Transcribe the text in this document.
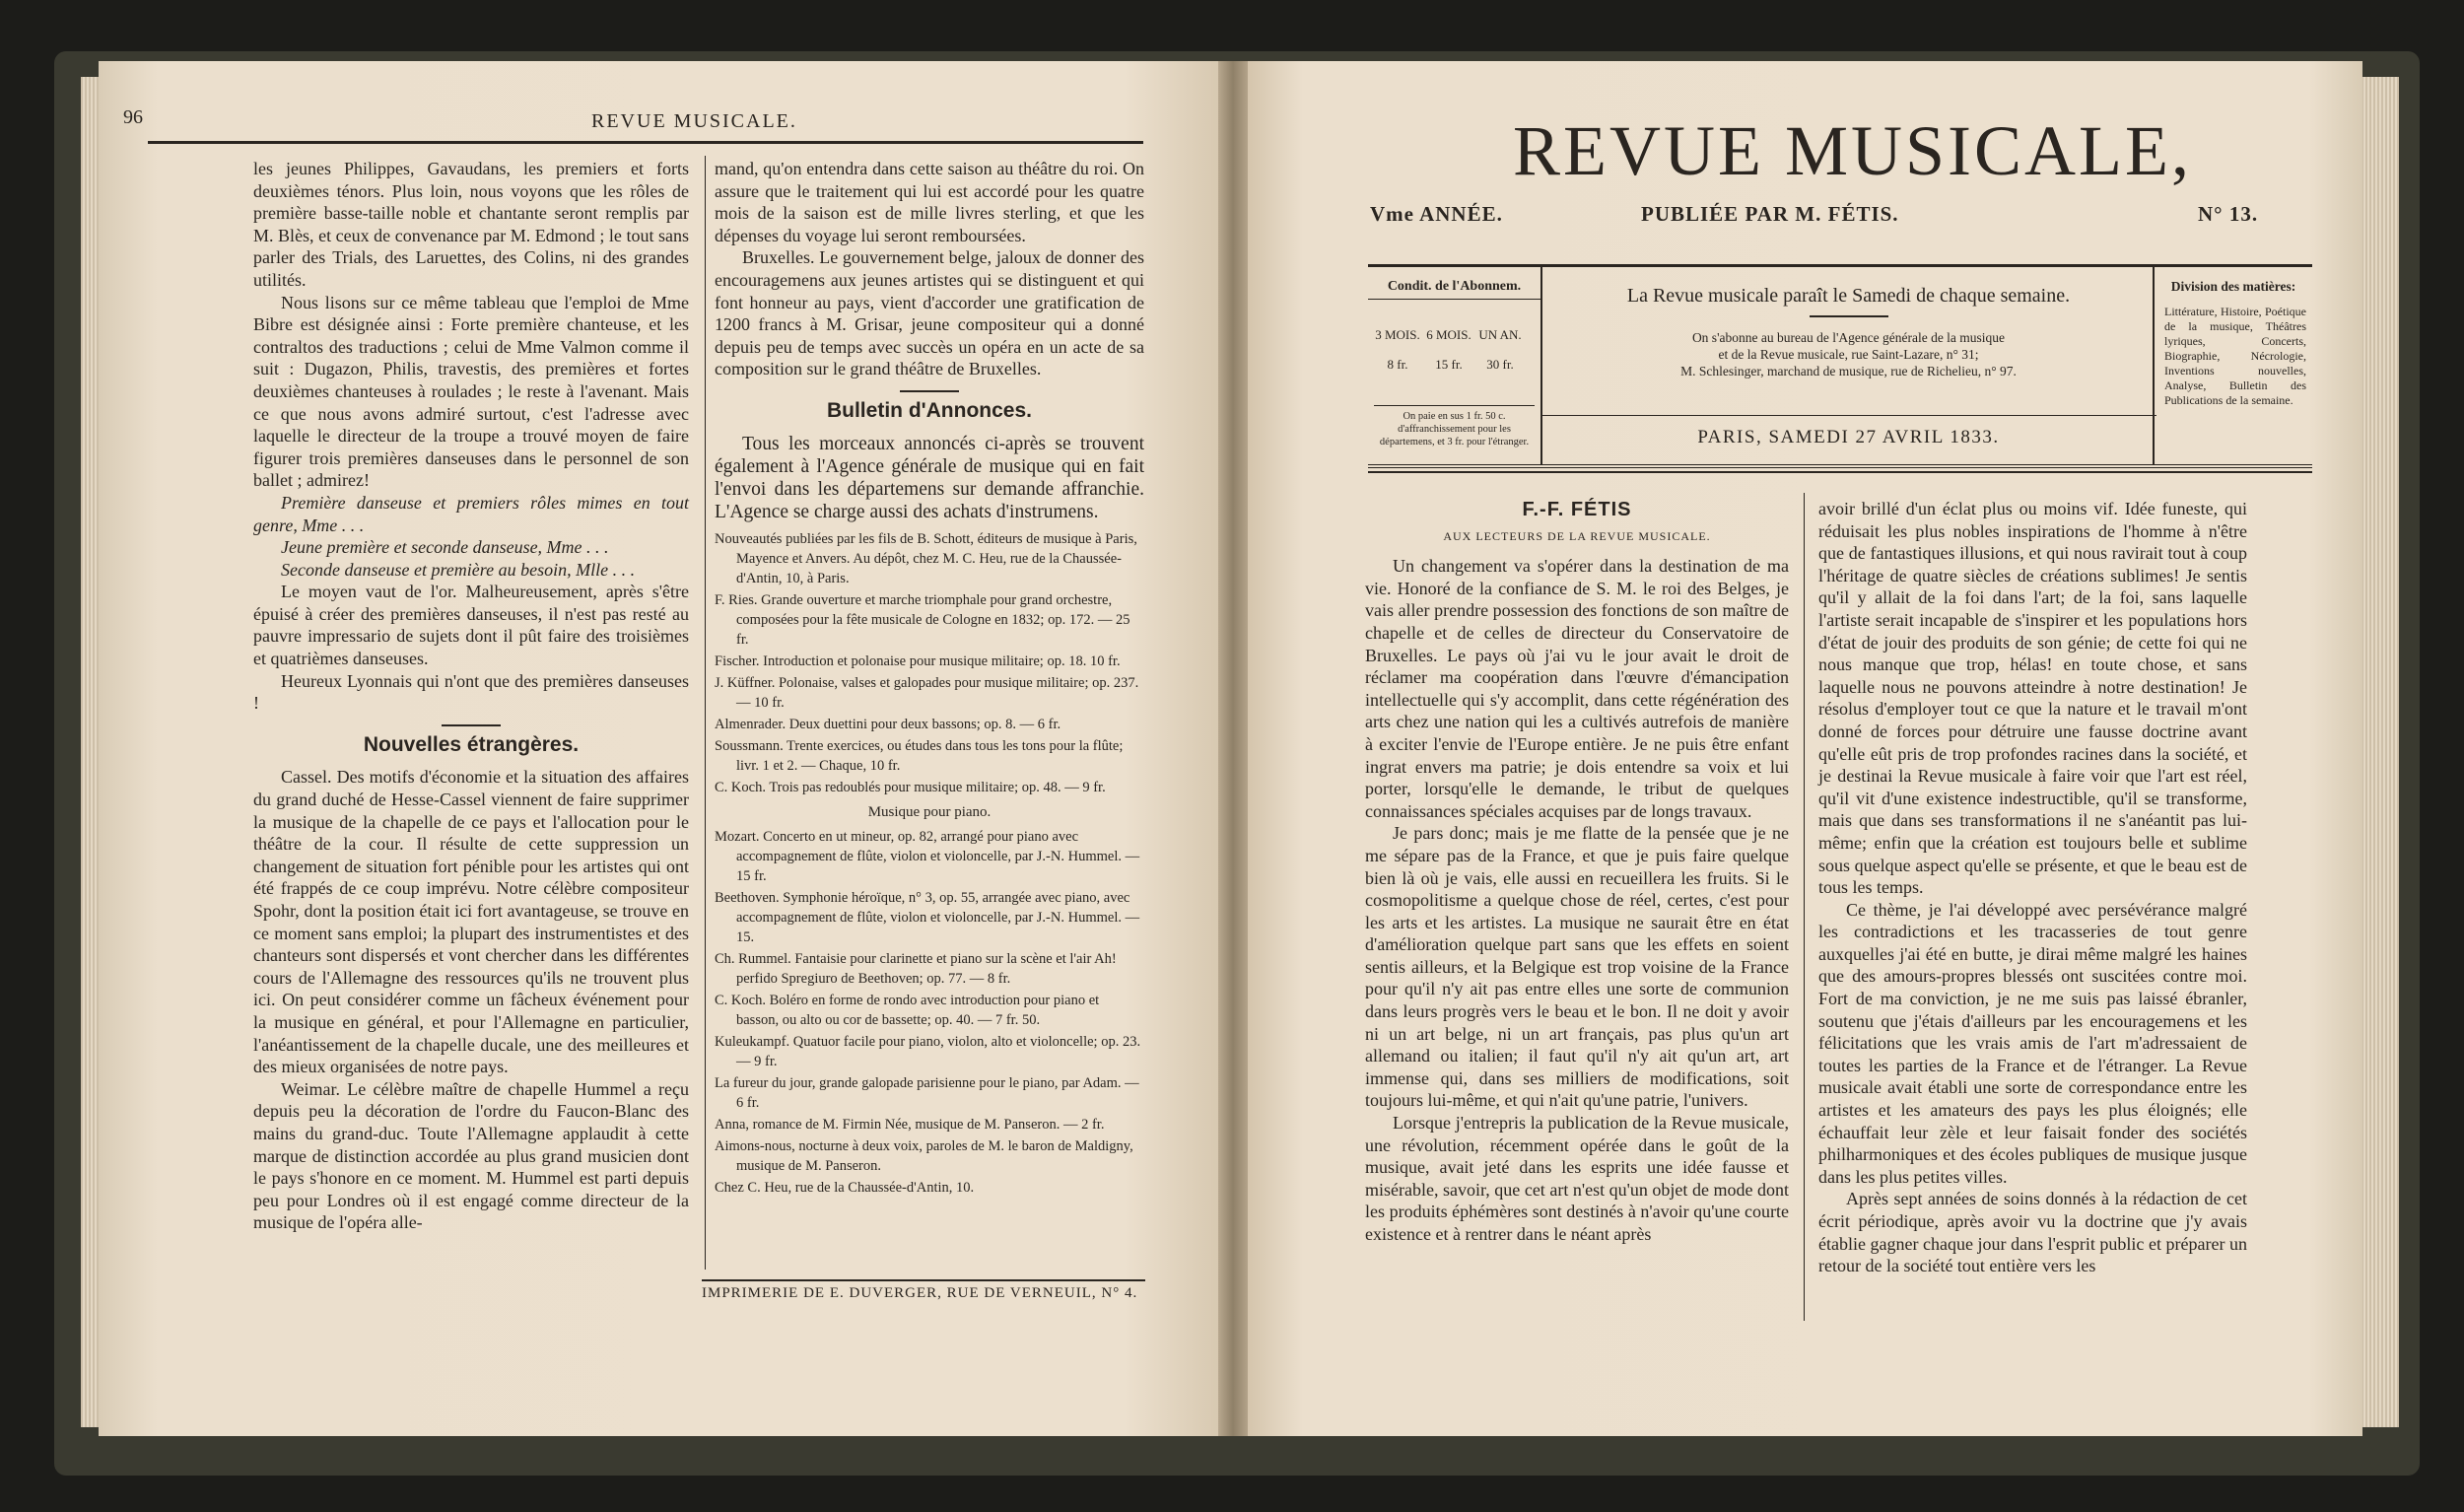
96	REVUE MUSICALE.

les jeunes Philippes, Gavaudans, les premiers et forts deuxièmes ténors. Plus loin, nous voyons que les rôles de première basse-taille noble et chantante seront remplis par M. Blès, et ceux de convenance par M. Edmond ; le tout sans parler des Trials, des Laruettes, des Colins, ni des grandes utilités.

Nous lisons sur ce même tableau que l'emploi de Mme Bibre est désignée ainsi : Forte première chanteuse, et les contraltos des traductions ; celui de Mme Valmon comme il suit : Dugazon, Philis, travestis, des premières et fortes deuxièmes chanteuses à roulades ; le reste à l'avenant. Mais ce que nous avons admiré surtout, c'est l'adresse avec laquelle le directeur de la troupe a trouvé moyen de faire figurer trois premières danseuses dans le personnel de son ballet ; admirez!

Première danseuse et premiers rôles mimes en tout genre, Mme . . .

Jeune première et seconde danseuse, Mme . . .

Seconde danseuse et première au besoin, Mlle . . .

Le moyen vaut de l'or. Malheureusement, après s'être épuisé à créer des premières danseuses, il n'est pas resté au pauvre impressario de sujets dont il pût faire des troisièmes et quatrièmes danseuses.

Heureux Lyonnais qui n'ont que des premières danseuses !

Nouvelles étrangères.

Cassel. Des motifs d'économie et la situation des affaires du grand duché de Hesse-Cassel viennent de faire supprimer la musique de la chapelle de ce pays et l'allocation pour le théâtre de la cour. Il résulte de cette suppression un changement de situation fort pénible pour les artistes qui ont été frappés de ce coup imprévu. Notre célèbre compositeur Spohr, dont la position était ici fort avantageuse, se trouve en ce moment sans emploi; la plupart des instrumentistes et des chanteurs sont dispersés et vont chercher dans les différentes cours de l'Allemagne des ressources qu'ils ne trouvent plus ici. On peut considérer comme un fâcheux événement pour la musique en général, et pour l'Allemagne en particulier, l'anéantissement de la chapelle ducale, une des meilleures et des mieux organisées de notre pays.

Weimar. Le célèbre maître de chapelle Hummel a reçu depuis peu la décoration de l'ordre du Faucon-Blanc des mains du grand-duc. Toute l'Allemagne applaudit à cette marque de distinction accordée au plus grand musicien dont le pays s'honore en ce moment. M. Hummel est parti depuis peu pour Londres où il est engagé comme directeur de la musique de l'opéra alle-

mand, qu'on entendra dans cette saison au théâtre du roi. On assure que le traitement qui lui est accordé pour les quatre mois de la saison est de mille livres sterling, et que les dépenses du voyage lui seront remboursées.

Bruxelles. Le gouvernement belge, jaloux de donner des encouragemens aux jeunes artistes qui se distinguent et qui font honneur au pays, vient d'accorder une gratification de 1200 francs à M. Grisar, jeune compositeur qui a donné depuis peu de temps avec succès un opéra en un acte de sa composition sur le grand théâtre de Bruxelles.

Bulletin d'Annonces.

Tous les morceaux annoncés ci-après se trouvent également à l'Agence générale de musique qui en fait l'envoi dans les départemens sur demande affranchie. L'Agence se charge aussi des achats d'instrumens.

Nouveautés publiées par les fils de B. Schott, éditeurs de musique à Paris, Mayence et Anvers. Au dépôt, chez M. C. Heu, rue de la Chaussée-d'Antin, 10, à Paris.
F. Ries. Grande ouverture et marche triomphale pour grand orchestre, composées pour la fête musicale de Cologne en 1832; op. 172. — 25 fr.
Fischer. Introduction et polonaise pour musique militaire; op. 18. 10 fr.
J. Küffner. Polonaise, valses et galopades pour musique militaire; op. 237. — 10 fr.
Almenrader. Deux duettini pour deux bassons; op. 8. — 6 fr.
Soussmann. Trente exercices, ou études dans tous les tons pour la flûte; livr. 1 et 2. — Chaque, 10 fr.
C. Koch. Trois pas redoublés pour musique militaire; op. 48. — 9 fr.
Musique pour piano.
Mozart. Concerto en ut mineur, op. 82, arrangé pour piano avec accompagnement de flûte, violon et violoncelle, par J.-N. Hummel. — 15 fr.
Beethoven. Symphonie héroïque, n° 3, op. 55, arrangée avec piano, avec accompagnement de flûte, violon et violoncelle, par J.-N. Hummel. — 15.
Ch. Rummel. Fantaisie pour clarinette et piano sur la scène et l'air Ah! perfido Spregiuro de Beethoven; op. 77. — 8 fr.
C. Koch. Boléro en forme de rondo avec introduction pour piano et basson, ou alto ou cor de bassette; op. 40. — 7 fr. 50.
Kuleukampf. Quatuor facile pour piano, violon, alto et violoncelle; op. 23. — 9 fr.
La fureur du jour, grande galopade parisienne pour le piano, par Adam. — 6 fr.
Anna, romance de M. Firmin Née, musique de M. Panseron. — 2 fr.
Aimons-nous, nocturne à deux voix, paroles de M. le baron de Maldigny, musique de M. Panseron.
Chez C. Heu, rue de la Chaussée-d'Antin, 10.
IMPRIMERIE DE E. DUVERGER, RUE DE VERNEUIL, N° 4.
REVUE MUSICALE,
Vme ANNÉE.	PUBLIÉE PAR M. FÉTIS.	N° 13.
Condit. de l'Abonnem.
3 MOIS. 6 MOIS. UN AN.
8 fr. 15 fr. 30 fr.
On paie en sus 1 fr. 50 c. d'affranchissement pour les départemens, et 3 fr. pour l'étranger.
La Revue musicale paraît le Samedi de chaque semaine.
On s'abonne au bureau de l'Agence générale de la musique
et de la Revue musicale, rue Saint-Lazare, n° 31;
M. Schlesinger, marchand de musique, rue de Richelieu, n° 97.
PARIS, SAMEDI 27 AVRIL 1833.
Division des matières:
Littérature, Histoire, Poétique de la musique, Théâtres lyriques, Concerts, Biographie, Nécrologie, Inventions nouvelles, Analyse, Bulletin des Publications de la semaine.
F.-F. FÉTIS
AUX LECTEURS DE LA REVUE MUSICALE.

Un changement va s'opérer dans la destination de ma vie. Honoré de la confiance de S. M. le roi des Belges, je vais aller prendre possession des fonctions de son maître de chapelle et de celles de directeur du Conservatoire de Bruxelles. Le pays où j'ai vu le jour avait le droit de réclamer ma coopération dans l'œuvre d'émancipation intellectuelle qui s'y accomplit, dans cette régénération des arts chez une nation qui les a cultivés autrefois de manière à exciter l'envie de l'Europe entière. Je ne puis être enfant ingrat envers ma patrie; je dois entendre sa voix et lui porter, lorsqu'elle le demande, le tribut de quelques connaissances spéciales acquises par de longs travaux.

Je pars donc; mais je me flatte de la pensée que je ne me sépare pas de la France, et que je puis faire quelque bien là où je vais, elle aussi en recueillera les fruits. Si le cosmopolitisme a quelque chose de réel, certes, c'est pour les arts et les artistes. La musique ne saurait être en état d'amélioration quelque part sans que les effets en soient sentis ailleurs, et la Belgique est trop voisine de la France pour qu'il n'y ait pas entre elles une sorte de communion dans leurs progrès vers le beau et le bon. Il ne doit y avoir ni un art belge, ni un art français, pas plus qu'un art allemand ou italien; il faut qu'il n'y ait qu'un art, art immense qui, dans ses milliers de modifications, soit toujours lui-même, et qui n'ait qu'une patrie, l'univers.

Lorsque j'entrepris la publication de la Revue musicale, une révolution, récemment opérée dans le goût de la musique, avait jeté dans les esprits une idée fausse et misérable, savoir, que cet art n'est qu'un objet de mode dont les produits éphémères sont destinés à n'avoir qu'une courte existence et à rentrer dans le néant après

avoir brillé d'un éclat plus ou moins vif. Idée funeste, qui réduisait les plus nobles inspirations de l'homme à n'être que de fantastiques illusions, et qui nous ravirait tout à coup l'héritage de quatre siècles de créations sublimes! Je sentis qu'il y allait de la foi dans l'art; de la foi, sans laquelle l'artiste serait incapable de s'inspirer et les populations hors d'état de jouir des produits de son génie; de cette foi qui ne nous manque que trop, hélas! en toute chose, et sans laquelle nous ne pouvons atteindre à notre destination! Je résolus d'employer tout ce que la nature et le travail m'ont donné de forces pour détruire une fausse doctrine avant qu'elle eût pris de trop profondes racines dans la société, et je destinai la Revue musicale à faire voir que l'art est réel, qu'il vit d'une existence indestructible, qu'il se transforme, mais que dans ses transformations il ne s'anéantit pas lui-même; enfin que la création est toujours belle et sublime sous quelque aspect qu'elle se présente, et que le beau est de tous les temps.

Ce thème, je l'ai développé avec persévérance malgré les contradictions et les tracasseries de tout genre auxquelles j'ai été en butte, je dirai même malgré les haines que des amours-propres blessés ont suscitées contre moi. Fort de ma conviction, je ne me suis pas laissé ébranler, soutenu que j'étais d'ailleurs par les encouragemens et les félicitations que les vrais amis de l'art m'adressaient de toutes les parties de la France et de l'étranger. La Revue musicale avait établi une sorte de correspondance entre les artistes et les amateurs des pays les plus éloignés; elle échauffait leur zèle et leur faisait fonder des sociétés philharmoniques et des écoles publiques de musique jusque dans les plus petites villes.

Après sept années de soins donnés à la rédaction de cet écrit périodique, après avoir vu la doctrine que j'y avais établie gagner chaque jour dans l'esprit public et préparer un retour de la société tout entière vers les
